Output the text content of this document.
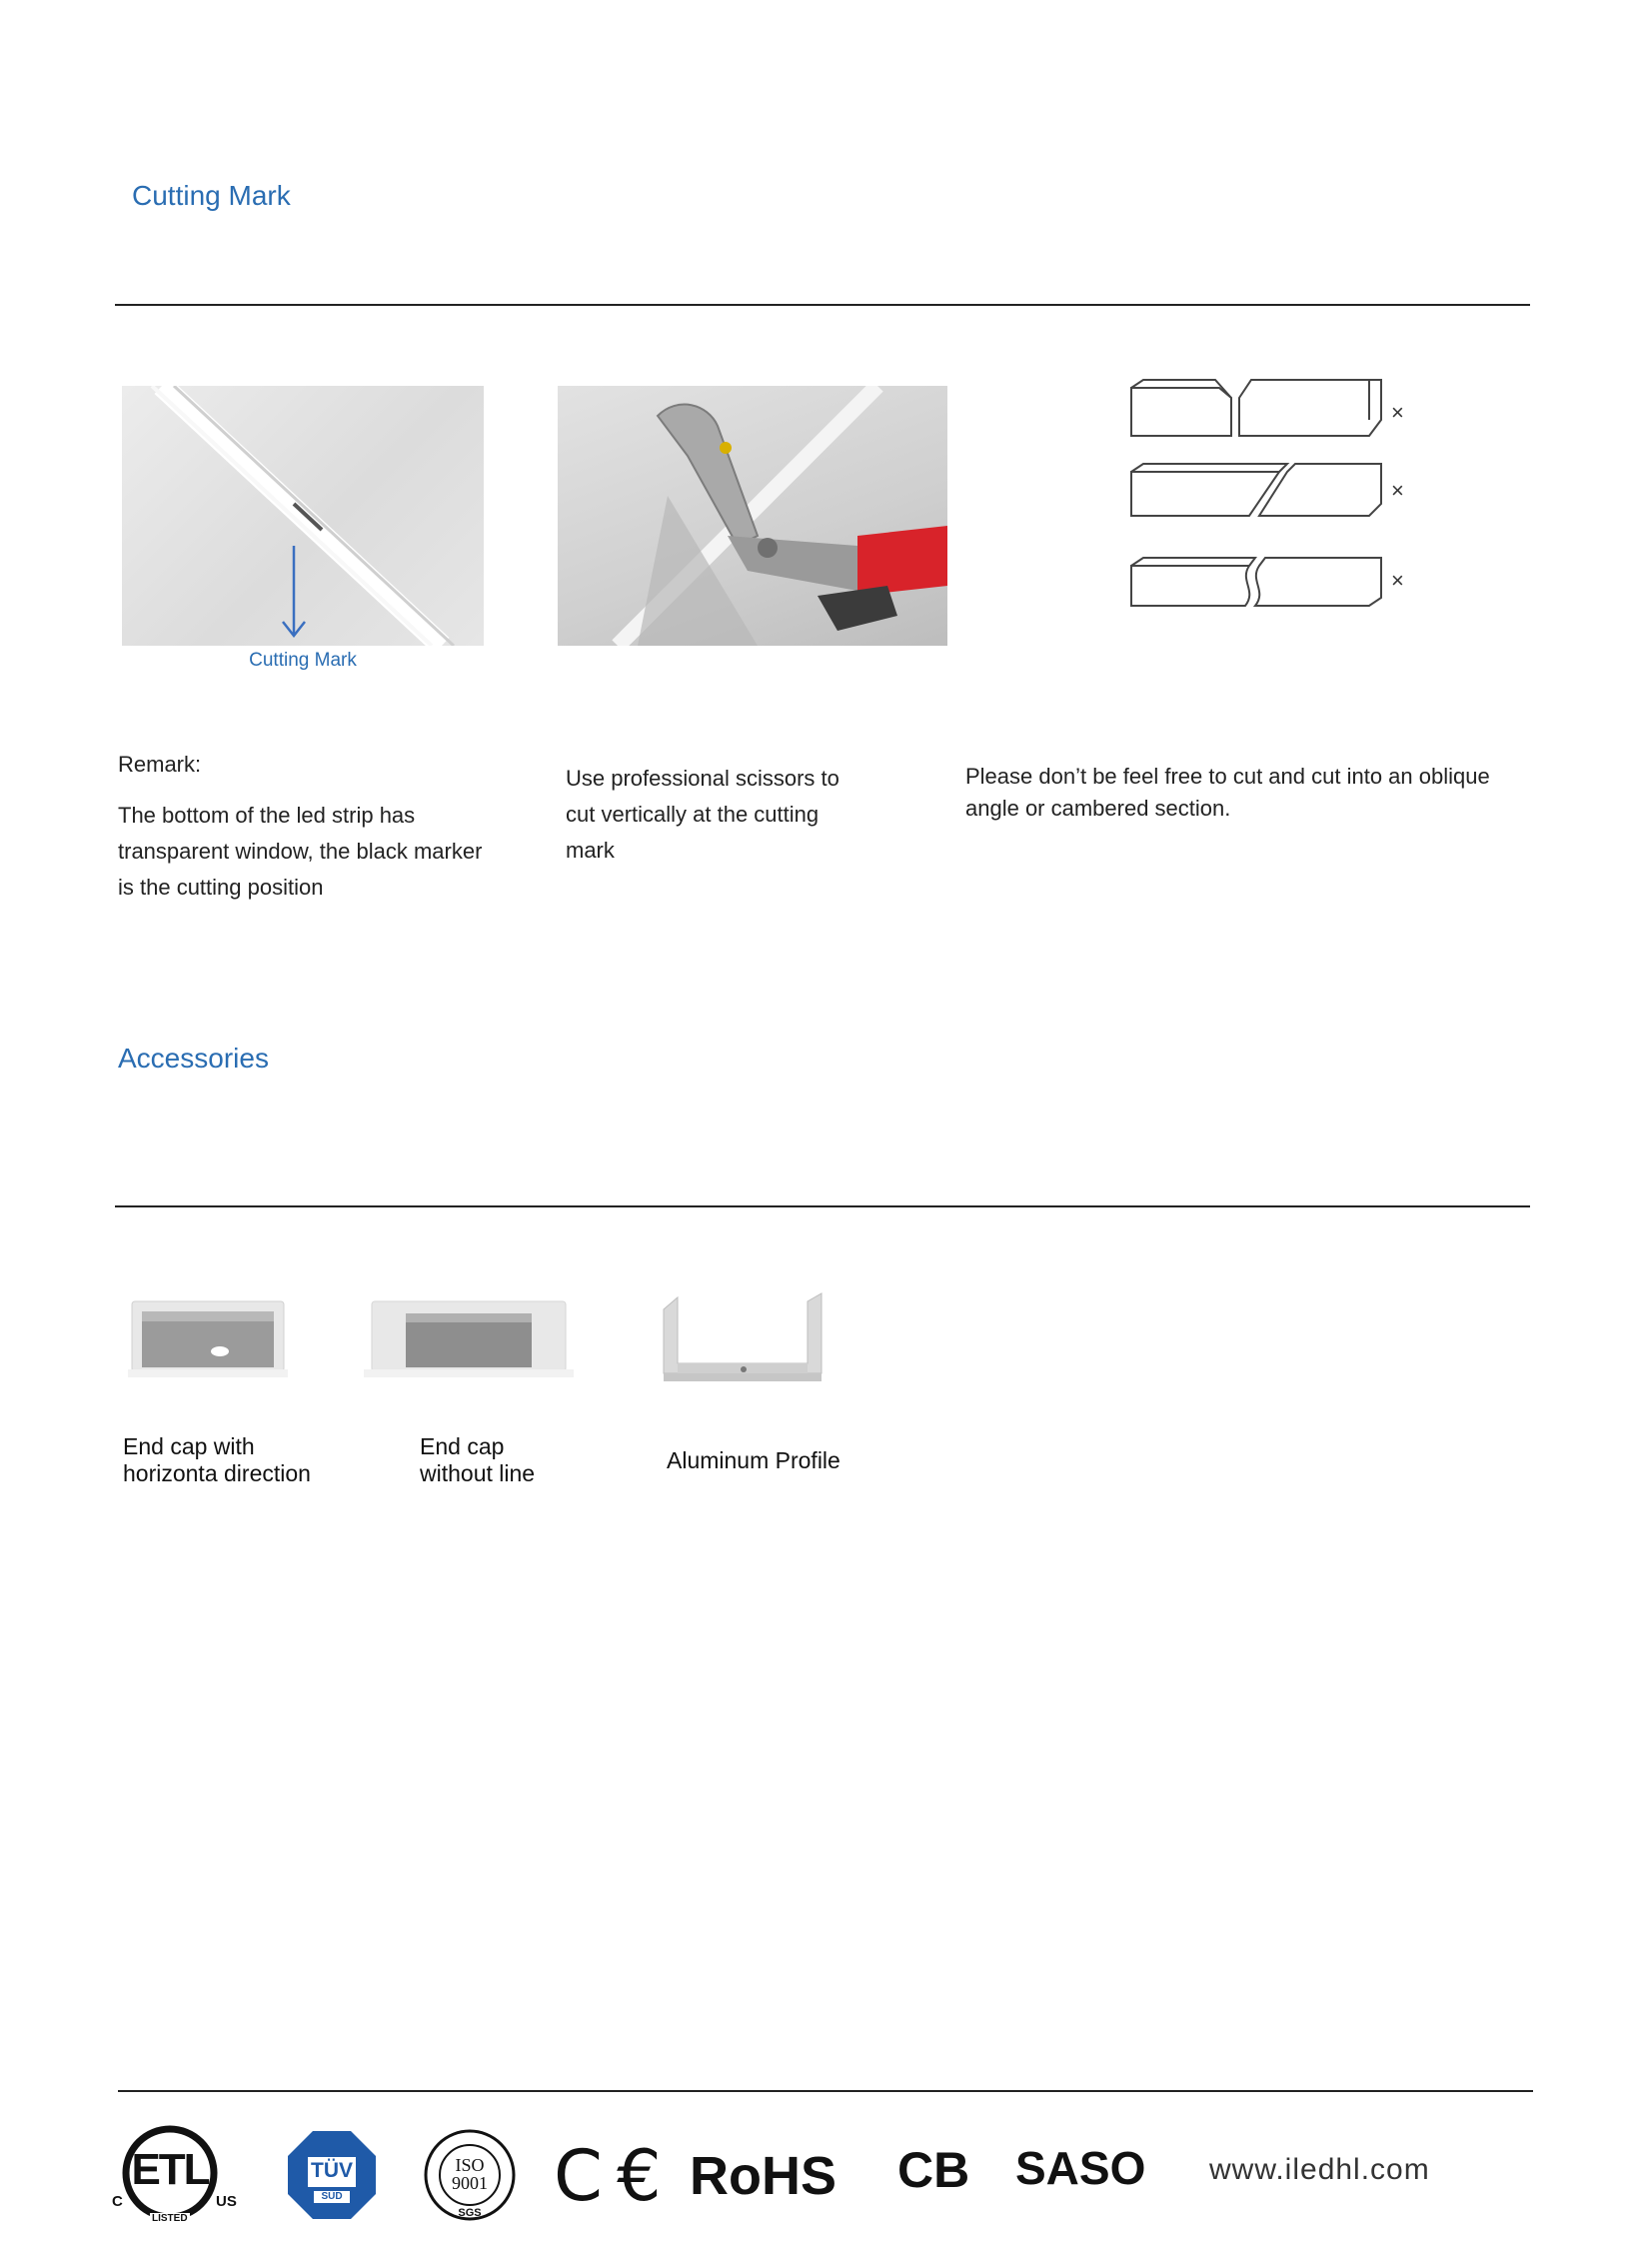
Cutting Mark
Cutting Mark
×
×
×
Remark:
The bottom of the led strip has
transparent window, the black marker
is the cutting position
Use professional scissors to
cut vertically at the cutting
mark
Please don’t be feel free to cut and cut into an oblique
angle or cambered section.
Accessories
End cap with
horizonta direction
End cap
without line	Aluminum Profile
ETL
C	US
LISTED
TÜV
SÜD
ISO
9001
SGS	C € RoHS CB SASO www.iledhl.com
